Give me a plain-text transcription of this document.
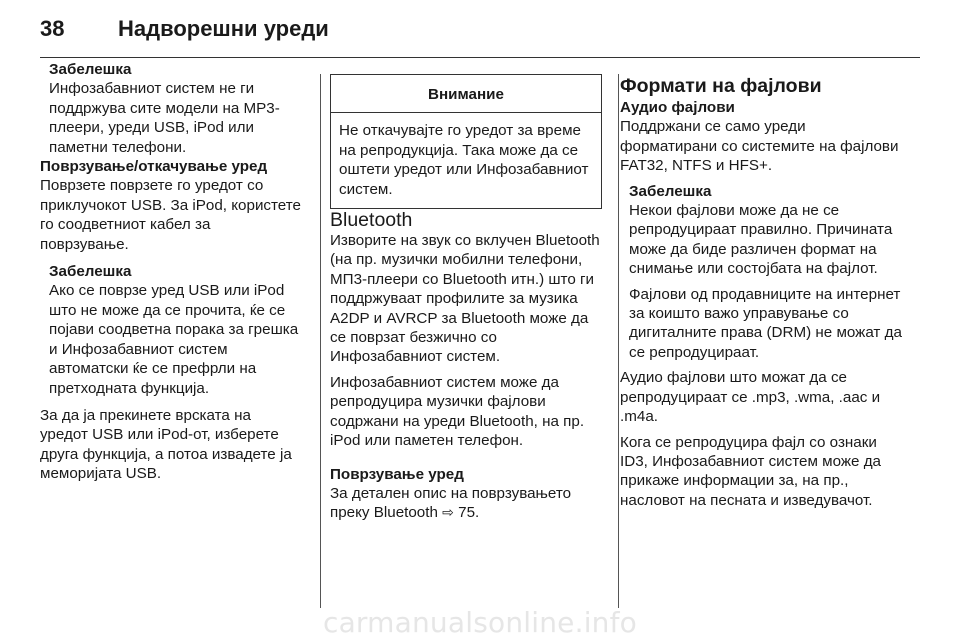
38 Надворешни уреди

Забелешка

Инфозабавниот систем не ги поддржува сите модели на MP3-плеери, уреди USB, iPod или паметни телефони.

Поврзување/откачување уред

Поврзете поврзете го уредот со приклучокот USB. За iPod, користете го соодветниот кабел за поврзување.

Забелешка

Ако се поврзе уред USB или iPod што не може да се прочита, ќе се појави соодветна порака за грешка и Инфозабавниот систем автоматски ќе се префрли на претходната функција.

За да ја прекинете врската на уредот USB или iPod-от, изберете друга функција, а потоа извадете ја меморијата USB.

Внимание
Не откачувајте го уредот за време на репродукција. Така може да се оштети уредот или Инфозабавниот систем.

Bluetooth

Изворите на звук со вклучен Bluetooth (на пр. музички мобилни телефони, МП3-плеери со Bluetooth итн.) што ги поддржуваат профилите за музика A2DP и AVRCP за Bluetooth може да се поврзат безжично со Инфозабавниот систем.

Инфозабавниот систем може да репродуцира музички фајлови содржани на уреди Bluetooth, на пр. iPod или паметен телефон.

Поврзување уред

За детален опис на поврзувањето преку Bluetooth ⇨ 75.

Формати на фајлови

Аудио фајлови

Поддржани се само уреди форматирани со системите на фајлови FAT32, NTFS и HFS+.

Забелешка

Некои фајлови може да не се репродуцираат правилно. Причината може да биде различен формат на снимање или состојбата на фајлот.

Фајлови од продавниците на интернет за коишто важо управување со дигиталните права (DRM) не можат да се репродуцираат.

Аудио фајлови што можат да се репродуцираат се .mp3, .wma, .aac и .m4a.

Кога се репродуцира фајл со ознаки ID3, Инфозабавниот систем може да прикаже информации за, на пр., насловот на песната и изведувачот.

carmanualsonline.info
